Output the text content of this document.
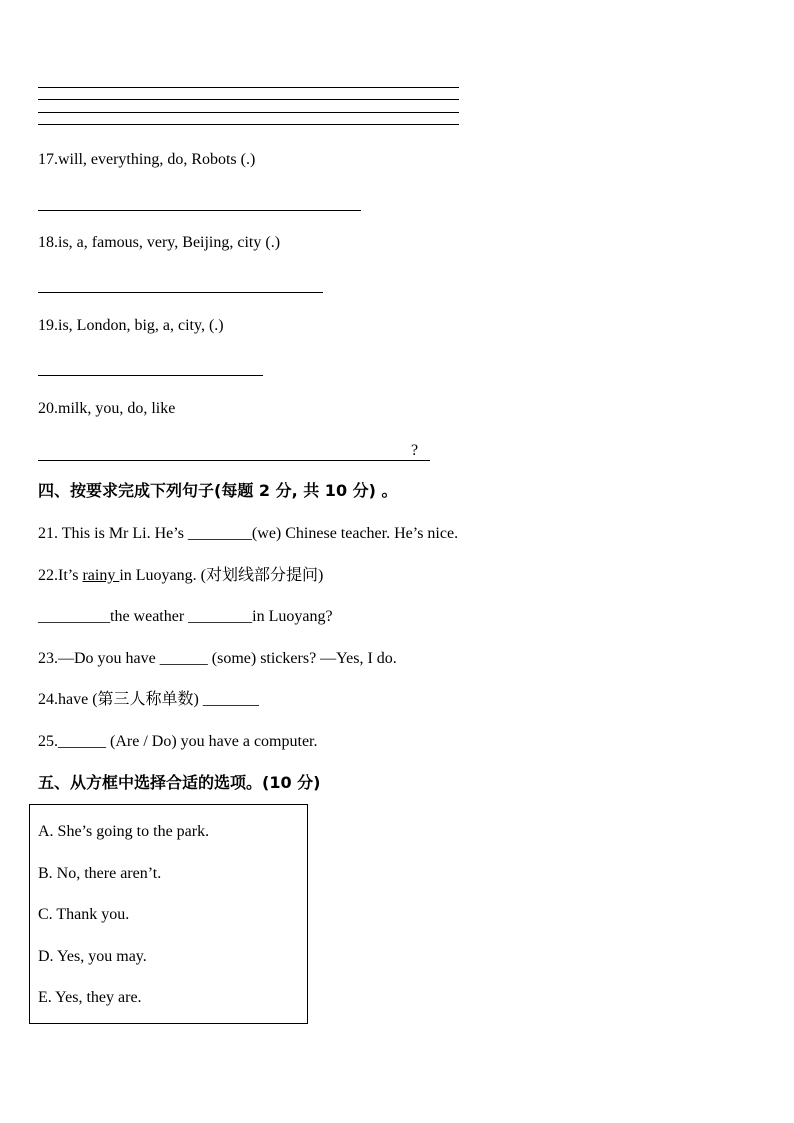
17.will, everything, do, Robots (.)
18.is, a, famous, very, Beijing, city (.)
19.is, London, big, a, city, (.)
20.milk, you, do, like
?
四、按要求完成下列句子(每题 2 分, 共 10 分) 。
21. This is Mr Li. He’s ________(we) Chinese teacher. He’s nice.
22.It’s rainy in Luoyang. (对划线部分提问)
_________the weather ________in Luoyang?
23.—Do you have ______ (some) stickers? —Yes, I do.
24.have (第三人称单数) _______
25.______ (Are / Do) you have a computer.
五、从方框中选择合适的选项。(10 分)
A. She’s going to the park.
B. No, there aren’t.
C. Thank you.
D. Yes, you may.
E. Yes, they are.
